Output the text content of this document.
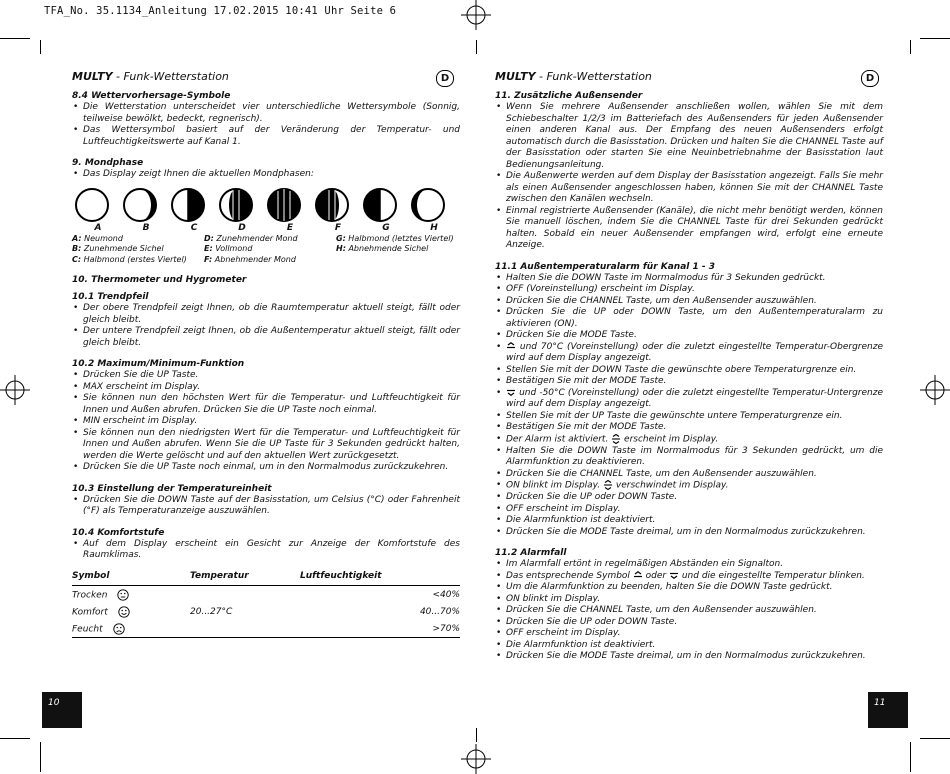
TFA_No. 35.1134_Anleitung 17.02.2015 10:41 Uhr Seite 6
MULTY - Funk-Wetterstation	D
8.4 Wettervorhersage-Symbole
• Die Wetterstation unterscheidet vier unterschiedliche Wettersymbole (Sonnig, teilweise bewölkt, bedeckt, regnerisch).
• Das Wettersymbol basiert auf der Veränderung der Temperatur- und Luftfeuchtigkeitswerte auf Kanal 1.
9. Mondphase
• Das Display zeigt Ihnen die aktuellen Mondphasen:
A	B	C	D	E	F	G	H
A: Neumond	D: Zunehmender Mond	G: Halbmond (letztes Viertel)
B: Zunehmende Sichel	E: Vollmond	H: Abnehmende Sichel
C: Halbmond (erstes Viertel)	F: Abnehmender Mond
10. Thermometer und Hygrometer
10.1 Trendpfeil
• Der obere Trendpfeil zeigt Ihnen, ob die Raumtemperatur aktuell steigt, fällt oder gleich bleibt.
• Der untere Trendpfeil zeigt Ihnen, ob die Außentemperatur aktuell steigt, fällt oder gleich bleibt.
10.2 Maximum/Minimum-Funktion
• Drücken Sie die UP Taste.
• MAX erscheint im Display.
• Sie können nun den höchsten Wert für die Temperatur- und Luftfeuchtigkeit für Innen und Außen abrufen. Drücken Sie die UP Taste noch einmal.
• MIN erscheint im Display.
• Sie können nun den niedrigsten Wert für die Temperatur- und Luftfeuchtigkeit für Innen und Außen abrufen. Wenn Sie die UP Taste für 3 Sekunden gedrückt halten, werden die Werte gelöscht und auf den aktuellen Wert zurückgesetzt.
• Drücken Sie die UP Taste noch einmal, um in den Normalmodus zurückzukehren.
10.3 Einstellung der Temperatureinheit
• Drücken Sie die DOWN Taste auf der Basisstation, um Celsius (°C) oder Fahrenheit (°F) als Temperaturanzeige auszuwählen.
10.4 Komfortstufe
• Auf dem Display erscheint ein Gesicht zur Anzeige der Komfortstufe des Raumklimas.
Symbol	Temperatur	Luftfeuchtigkeit
Trocken		<40%
Komfort	20...27°C	40...70%
Feucht		>70%
10
MULTY - Funk-Wetterstation	D
11. Zusätzliche Außensender
• Wenn Sie mehrere Außensender anschließen wollen, wählen Sie mit dem Schiebeschalter 1/2/3 im Batteriefach des Außensenders für jeden Außensender einen anderen Kanal aus. Der Empfang des neuen Außensenders erfolgt automatisch durch die Basisstation. Drücken und halten Sie die CHANNEL Taste auf der Basisstation oder starten Sie eine Neuinbetriebnahme der Basisstation laut Bedienungsanleitung.
• Die Außenwerte werden auf dem Display der Basisstation angezeigt. Falls Sie mehr als einen Außensender angeschlossen haben, können Sie mit der CHANNEL Taste zwischen den Kanälen wechseln.
• Einmal registrierte Außensender (Kanäle), die nicht mehr benötigt werden, können Sie manuell löschen, indem Sie die CHANNEL Taste für drei Sekunden gedrückt halten. Sobald ein neuer Außensender empfangen wird, erfolgt eine erneute Anzeige.
11.1 Außentemperaturalarm für Kanal 1 - 3
• Halten Sie die DOWN Taste im Normalmodus für 3 Sekunden gedrückt.
• OFF (Voreinstellung) erscheint im Display.
• Drücken Sie die CHANNEL Taste, um den Außensender auszuwählen.
• Drücken Sie die UP oder DOWN Taste, um den Außentemperaturalarm zu aktivieren (ON).
• Drücken Sie die MODE Taste.
• und 70°C (Voreinstellung) oder die zuletzt eingestellte Temperatur-Obergrenze wird auf dem Display angezeigt.
• Stellen Sie mit der DOWN Taste die gewünschte obere Temperaturgrenze ein.
• Bestätigen Sie mit der MODE Taste.
• und -50°C (Voreinstellung) oder die zuletzt eingestellte Temperatur-Untergrenze wird auf dem Display angezeigt.
• Stellen Sie mit der UP Taste die gewünschte untere Temperaturgrenze ein.
• Bestätigen Sie mit der MODE Taste.
• Der Alarm ist aktiviert.  erscheint im Display.
• Halten Sie die DOWN Taste im Normalmodus für 3 Sekunden gedrückt, um die Alarmfunktion zu deaktivieren.
• Drücken Sie die CHANNEL Taste, um den Außensender auszuwählen.
• ON blinkt im Display.  verschwindet im Display.
• Drücken Sie die UP oder DOWN Taste.
• OFF erscheint im Display.
• Die Alarmfunktion ist deaktiviert.
• Drücken Sie die MODE Taste dreimal, um in den Normalmodus zurückzukehren.
11.2 Alarmfall
• Im Alarmfall ertönt in regelmäßigen Abständen ein Signalton.
• Das entsprechende Symbol  oder  und die eingestellte Temperatur blinken.
• Um die Alarmfunktion zu beenden, halten Sie die DOWN Taste gedrückt.
• ON blinkt im Display.
• Drücken Sie die CHANNEL Taste, um den Außensender auszuwählen.
• Drücken Sie die UP oder DOWN Taste.
• OFF erscheint im Display.
• Die Alarmfunktion ist deaktiviert.
• Drücken Sie die MODE Taste dreimal, um in den Normalmodus zurückzukehren.
11
